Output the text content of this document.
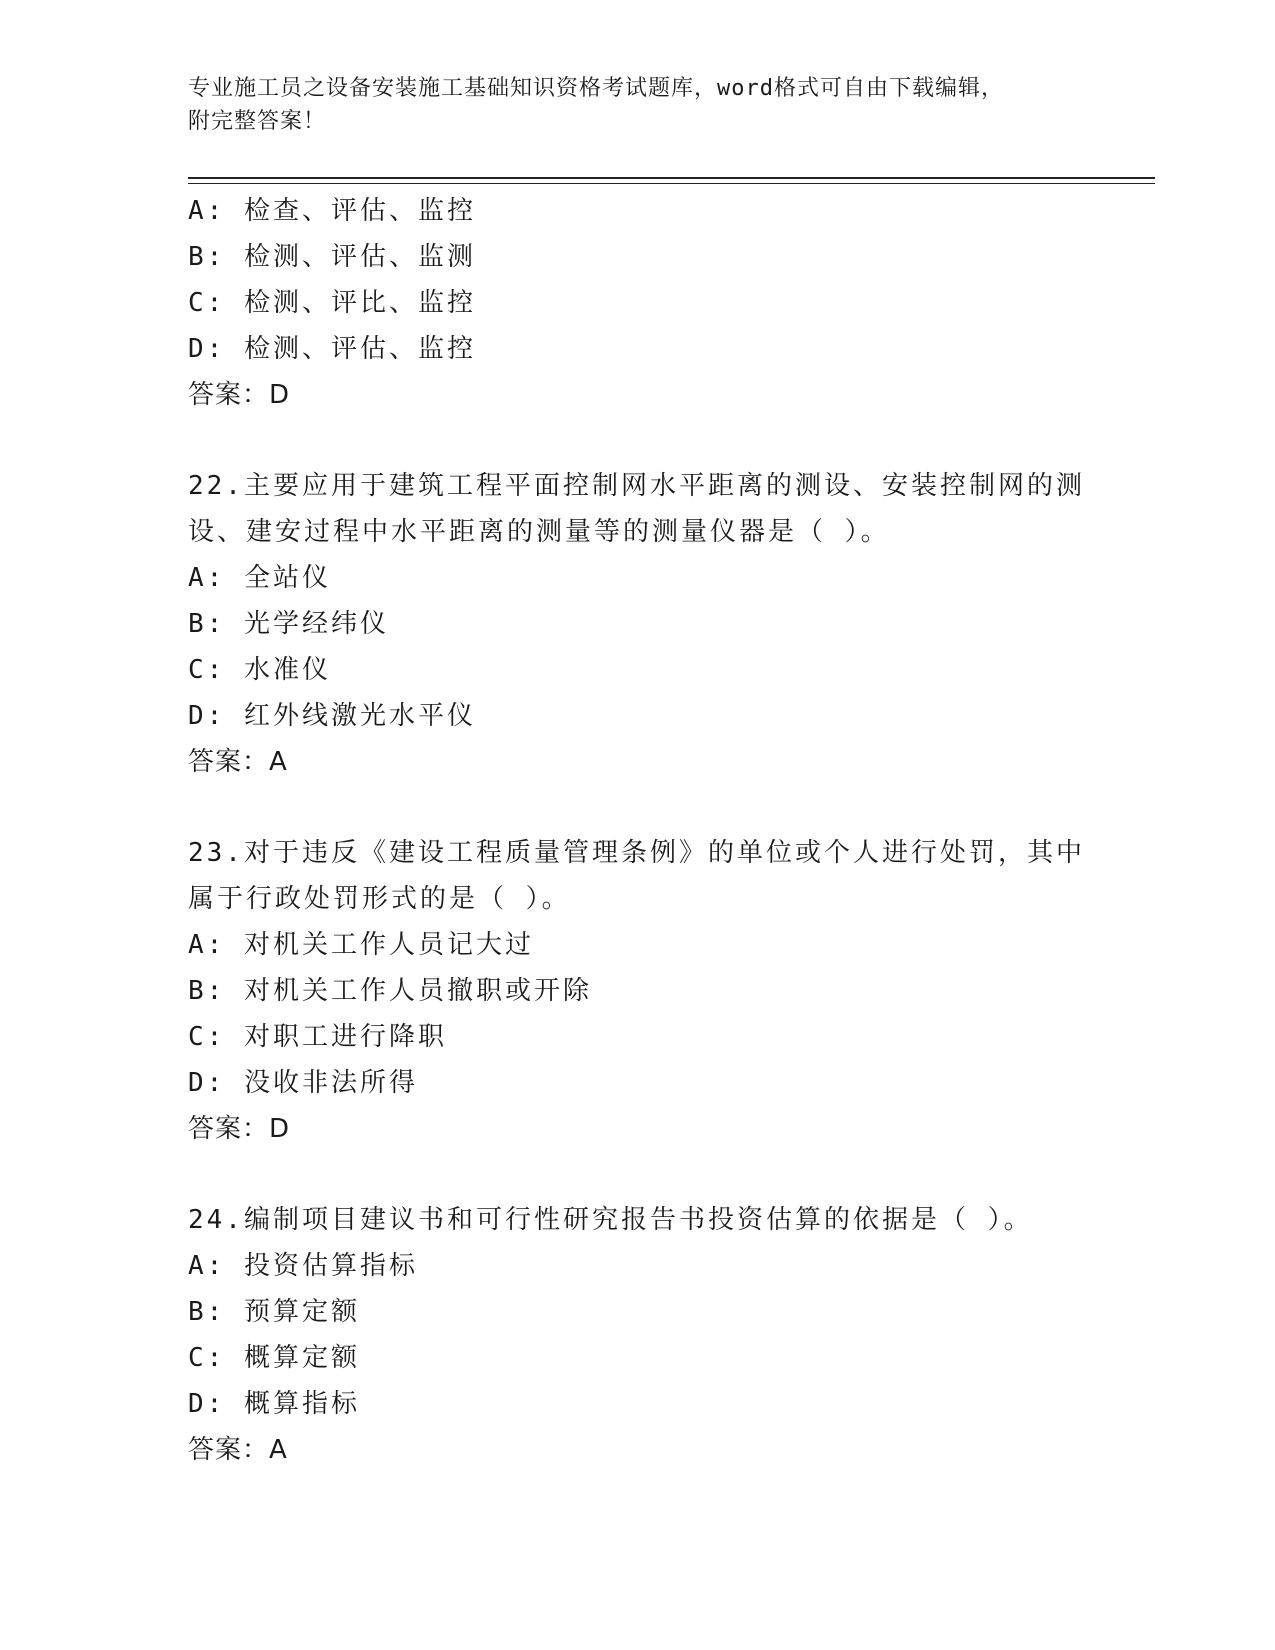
专业施工员之设备安装施工基础知识资格考试题库，word格式可自由下载编辑，
附完整答案！
A: 检查、评估、监控
B: 检测、评估、监测
C: 检测、评比、监控
D: 检测、评估、监控
答案：D
22.主要应用于建筑工程平面控制网水平距离的测设、安装控制网的测
设、建安过程中水平距离的测量等的测量仪器是（ ）。
A: 全站仪
B: 光学经纬仪
C: 水准仪
D: 红外线激光水平仪
答案：A
23.对于违反《建设工程质量管理条例》的单位或个人进行处罚，其中
属于行政处罚形式的是（ ）。
A: 对机关工作人员记大过
B: 对机关工作人员撤职或开除
C: 对职工进行降职
D: 没收非法所得
答案：D
24.编制项目建议书和可行性研究报告书投资估算的依据是（ ）。
A: 投资估算指标
B: 预算定额
C: 概算定额
D: 概算指标
答案：A
